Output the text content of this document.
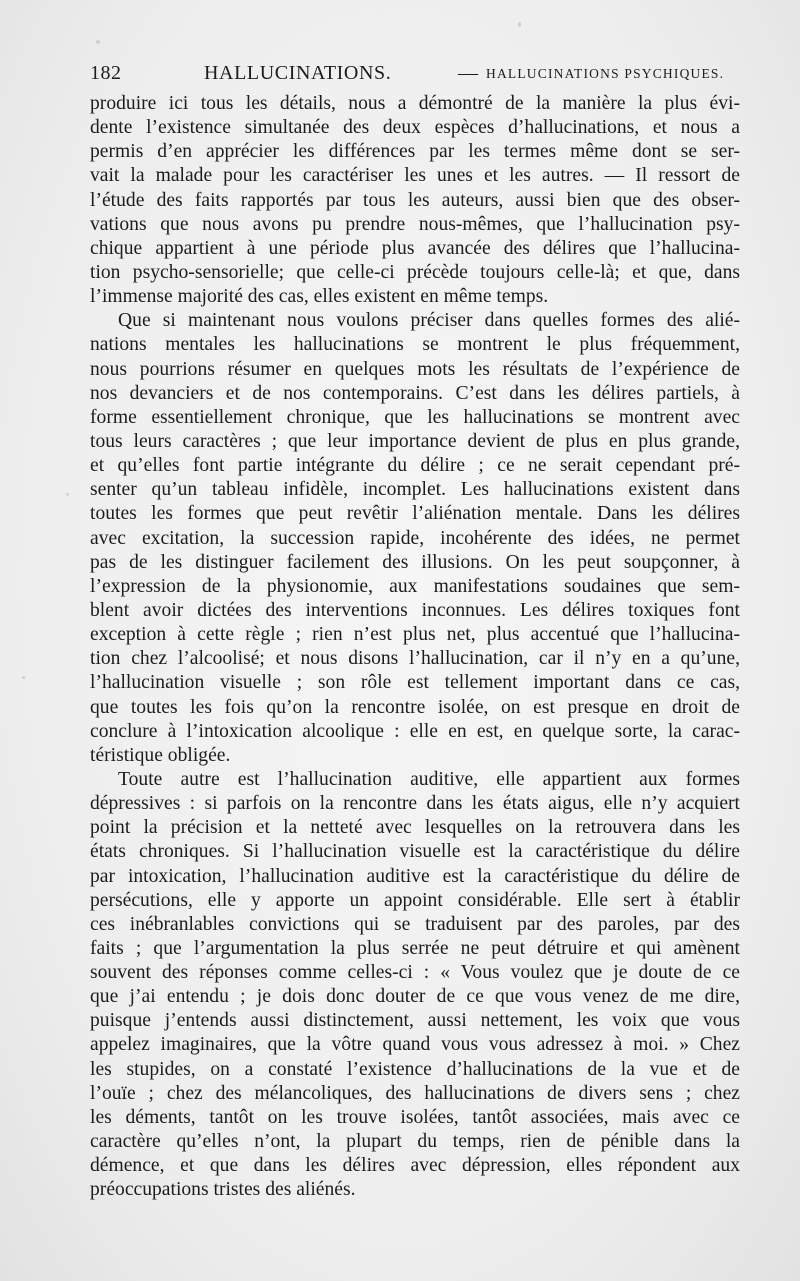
182	HALLUCINATIONS.	— HALLUCINATIONS PSYCHIQUES.
produire ici tous les détails, nous a démontré de la manière la plus évi-
dente l’existence simultanée des deux espèces d’hallucinations, et nous a
permis d’en apprécier les différences par les termes même dont se ser-
vait la malade pour les caractériser les unes et les autres. — Il ressort de
l’étude des faits rapportés par tous les auteurs, aussi bien que des obser-
vations que nous avons pu prendre nous-mêmes, que l’hallucination psy-
chique appartient à une période plus avancée des délires que l’hallucina-
tion psycho-sensorielle; que celle-ci précède toujours celle-là; et que, dans
l’immense majorité des cas, elles existent en même temps.
Que si maintenant nous voulons préciser dans quelles formes des alié-
nations mentales les hallucinations se montrent le plus fréquemment,
nous pourrions résumer en quelques mots les résultats de l’expérience de
nos devanciers et de nos contemporains. C’est dans les délires partiels, à
forme essentiellement chronique, que les hallucinations se montrent avec
tous leurs caractères ; que leur importance devient de plus en plus grande,
et qu’elles font partie intégrante du délire ; ce ne serait cependant pré-
senter qu’un tableau infidèle, incomplet. Les hallucinations existent dans
toutes les formes que peut revêtir l’aliénation mentale. Dans les délires
avec excitation, la succession rapide, incohérente des idées, ne permet
pas de les distinguer facilement des illusions. On les peut soupçonner, à
l’expression de la physionomie, aux manifestations soudaines que sem-
blent avoir dictées des interventions inconnues. Les délires toxiques font
exception à cette règle ; rien n’est plus net, plus accentué que l’hallucina-
tion chez l’alcoolisé; et nous disons l’hallucination, car il n’y en a qu’une,
l’hallucination visuelle ; son rôle est tellement important dans ce cas,
que toutes les fois qu’on la rencontre isolée, on est presque en droit de
conclure à l’intoxication alcoolique : elle en est, en quelque sorte, la carac-
téristique obligée.
Toute autre est l’hallucination auditive, elle appartient aux formes
dépressives : si parfois on la rencontre dans les états aigus, elle n’y acquiert
point la précision et la netteté avec lesquelles on la retrouvera dans les
états chroniques. Si l’hallucination visuelle est la caractéristique du délire
par intoxication, l’hallucination auditive est la caractéristique du délire de
persécutions, elle y apporte un appoint considérable. Elle sert à établir
ces inébranlables convictions qui se traduisent par des paroles, par des
faits ; que l’argumentation la plus serrée ne peut détruire et qui amènent
souvent des réponses comme celles-ci : « Vous voulez que je doute de ce
que j’ai entendu ; je dois donc douter de ce que vous venez de me dire,
puisque j’entends aussi distinctement, aussi nettement, les voix que vous
appelez imaginaires, que la vôtre quand vous vous adressez à moi. » Chez
les stupides, on a constaté l’existence d’hallucinations de la vue et de
l’ouïe ; chez des mélancoliques, des hallucinations de divers sens ; chez
les déments, tantôt on les trouve isolées, tantôt associées, mais avec ce
caractère qu’elles n’ont, la plupart du temps, rien de pénible dans la
démence, et que dans les délires avec dépression, elles répondent aux
préoccupations tristes des aliénés.
